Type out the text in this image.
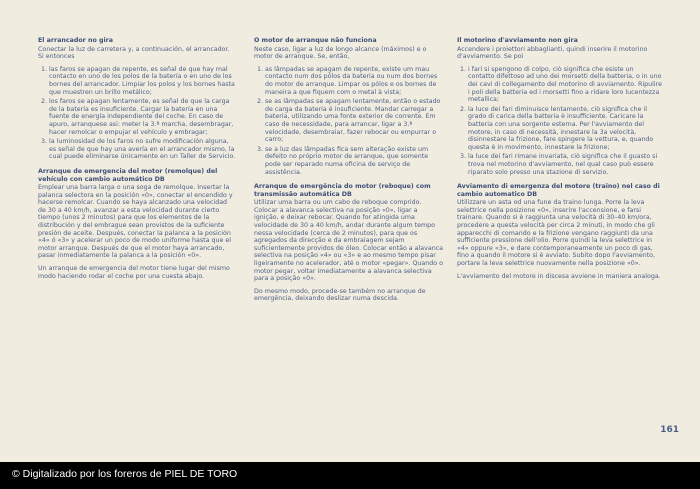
El arrancador no gira

Conectar la luz de carretera y, a continuación, el arrancador. Si entonces

1. las faros se apagan de repente, es señal de que hay mal contacto en uno de los polos de la batería o en uno de los bornes del arrancador. Limpiar los polos y los bornes hasta que muestren un brillo metálico;
2. los faros se apagan lentamente, es señal de que la carga de la batería es insuficiente. Cargar la batería en una fuente de energía independiente del coche. En caso de apuro, arranquese asi: meter la 3.ª marcha, desembragar, hacer remolcar o empujar el vehículo y embragar;
3. la luminosidad de los faros no sufre modificación alguna, es señal de que hay una avería en el arrancador mismo, la cual puede eliminarse únicamente en un Taller de Servicio.
Arranque de emergencia del motor (remolque) del vehículo con cambio automático DB

Emplear una barra larga o una soga de remolque. Insertar la palanca selectora en la posición «0», conectar el encendido y hacerse remolcar. Cuando se haya alcanzado una velocidad de 30 a 40 km/h, avanzar a esta velocidad durante cierto tiempo (unos 2 minutos) para que los elementos de la distribución y del embrague sean provistos de la suficiente presión de aceite. Después, conectar la palanca a la posición «4» ó «3» y acelerar un poco de modo uniforme hasta que el motor arranque. Después de que el motor haya arrancado, pasar inmediatamente la palanca a la posición «0».

Un arranque de emergencia del motor tiene lugar del mismo modo haciendo rodar el coche por una cuesta abajo.

O motor de arranque não funciona

Neste caso, ligar a luz de longo alcance (máximos) e o motor de arranque. Se, então,

1. as lâmpadas se apagam de repente, existe um mau contacto num dos pólos da bateria ou num dos bornes do motor de arranque. Limpar os pólos e os bornes de maneira a que fiquem com o metal à vista;
2. se as lâmpadas se apagam lentamente, então o estado de carga da bateria é insuficiente. Mandar carregar a bateria, utilizando uma fonte exterior de corrente. Em caso de necessidade, para arrancar, ligar a 3.ª velocidade, desembraiar, fazer rebocar ou empurrar o carro;
3. se a luz das lâmpadas fica sem alteração existe um defeito no próprio motor de arranque, que somente pode ser reparado numa oficina de serviço de assistência.
Arranque de emergência do motor (reboque) com transmissão automática DB

Utilizar uma barra ou um cabo de reboque comprido. Colocar a alavanca selectiva na posição «0», ligar a ignição, e deixar rebocar. Quando for atingida uma velocidade de 30 a 40 km/h, andar durante algum tempo nessa velocidade (cerca de 2 minutos), para que os agregados da direcção e da embraiagem sejam suficientemente providos de óleo. Colocar então a alavanca selectiva na posição «4» ou «3» e ao mesmo tempo pisar ligeiramente no acelerador, até o motor «pegar». Quando o motor pegar, voltar imediatamente a alavanca selectiva para a posição «0».

Do mesmo modo, procede-se também no arranque de emergência, deixando deslizar numa descida.

Il motorino d'avviamento non gira

Accendere i proiettori abbaglianti, quindi inserire il motorino d'avviamento. Se poi

1. i fari si spengono di colpo, ciò significa che esiste un contatto difettoso ad uno dei morsetti della batteria, o in uno dei cavi di collegamento del motorino di avviamento. Ripulire i poli della batteria ed i morsetti fino a ridare loro lucentezza metallica;
2. la luce dei fari diminuisce lentamente, ciò significa che il grado di carica della batteria è insufficiente. Caricare la batteria con una sorgente esterna. Per l'avviamento del motore, in caso di necessità, innestare la 3a velocità, disinnestare la frizione, fare spingere la vettura, e, quando questa è in movimento, innestare la frizione;
3. la luce dei fari rimane invariata, ciò significa che il guasto si trova nel motorino d'avviamento, nel qual caso può essere riparato solo presso una stazione di servizio.
Avviamento di emergenza del motore (traino) nel caso di cambio automatico DB

Utilizzare un asta od una fune da traino lunga. Porre la leva selettrice nella posizione «0», inserire l'accensione, e farsi trainare. Quando si è raggiunta una velocità di 30–40 km/ora, procedere a questa velocità per circa 2 minuti, in modo che gli apparecchi di comando e la frizione vengano raggiunti da una sufficiente pressione dell'olio. Porre quindi la leva selettrice in «4» oppure «3», e dare contemporaneamente un poco di gas, fino a quando il motore si è avviato. Subito dopo l'avviamento, portare la leva selettrice nuovamente nella posizione «0».

L'avviamento del motore in discesa avviene in maniera analoga.

161
© Digitalizado por los foreros de PIEL DE TORO
